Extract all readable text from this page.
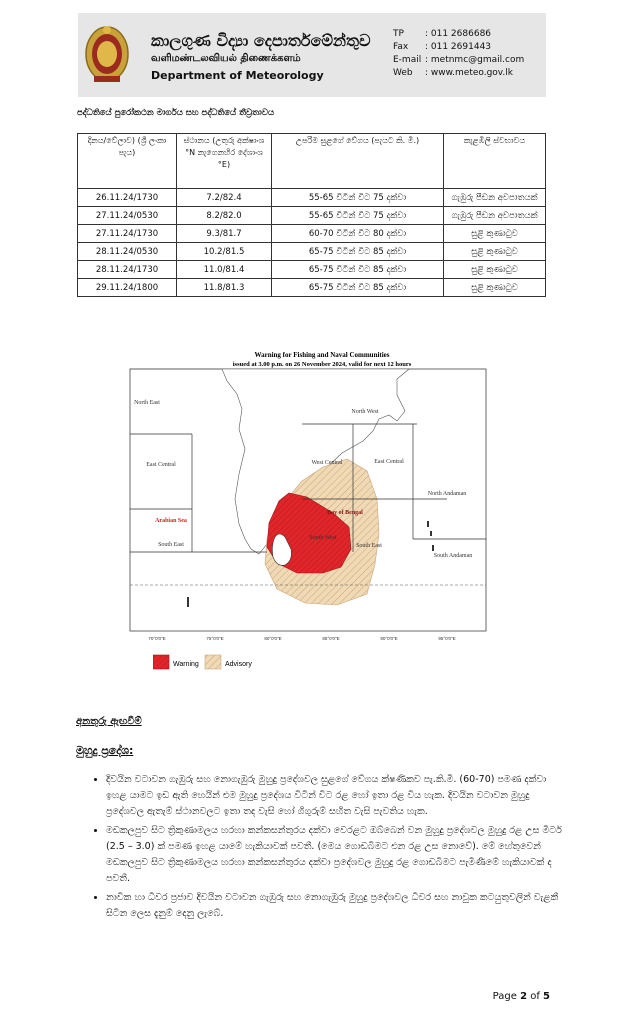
කාලගුණ විද්‍යා දෙපාර්තමේන්තුව
வளிமண்டலவியல் திணைக்களம்
Department of Meteorology
TP	: 011 2686686
Fax	: 011 2691443
E-mail : metnmc@gmail.com
Web	: www.meteo.gov.lk
පද්ධතියේ පුරෝකථන මාර්ගය සහ පද්ධතියේ තීව්‍රතාවය
දිනය/වේලාව) (ශ්‍රී ලංකා පැය)	ස්ථානය (උතුරු අක්ෂාංශ °N නැගෙනහිර දේශාංශ °E)	උපරිම සුළගේ වේගය (පැයට කි. මී.)	කැළඹිලි ස්වභාවය
26.11.24/1730	7.2/82.4	55-65 විටින් විට 75 දක්වා	ගැඹුරු පීඩන අවපාතයක්
27.11.24/0530	8.2/82.0	55-65 විටින් විට 75 දක්වා	ගැඹුරු පීඩන අවපාතයක්
27.11.24/1730	9.3/81.7	60-70 විටින් විට 80 දක්වා	සුළි කුණාටුව
28.11.24/0530	10.2/81.5	65-75 විටින් විට 85 දක්වා	සුළි කුණාටුව
28.11.24/1730	11.0/81.4	65-75 විටින් විට 85 දක්වා	සුළි කුණාටුව
29.11.24/1800	11.8/81.3	65-75 විටින් විට 85 දක්වා	සුළි කුණාටුව
Warning for Fishing and Naval Communities
issued at 3.00 p.m. on 26 November 2024, valid for next 12 hours
North East
East Central
Arabian Sea
South East
North West
West Central	East Central
Bay of Bengal
South West
South East
North Andaman
South Andaman
70°0'0"E	75°0'0"E	80°0'0"E	85°0'0"E	90°0'0"E	95°0'0"E
Warning	Advisory
අනතුරු ඇඟවීම්
මුහුදු ප්‍රදේශ:
• දිවයින වටාවන ගැඹුරු සහ නොගැඹුරු මුහුදු ප්‍රදේශවල සුළගේ වේගය ක්ෂණිකව පැ.කි.මී. (60-70) පමණ දක්වා ඉහළ යාමට ඉඩ ඇති හෙයින් එම මුහුදු ප්‍රදේශය විටින් විට රළ හෝ ඉතා රළ විය හැක. දිවයින වටාවන මුහුදු ප්‍රදේශවල ඇතැම් ස්ථානවලට ඉතා තද වැසි හෝ ගිගුරුම් සහිත වැසි පැවතිය හැක.
• මඩකලපුව සිට ත්‍රිකුණාමලය හරහා කන්කසන්තුරය දක්වා වෙරළට ඔබ්බෙන් වන මුහුදු ප්‍රදේශවල මුහුදු රළ උස මීටර් (2.5 – 3.0) ක් පමණ ඉහළ යාමේ හැකියාවක් පවතී. (මෙය ගොඩබිමට එන රළ උස නොවේ). මේ හේතුවෙන් මඩකලපුව සිට ත්‍රිකුණාමලය හරහා කන්කසන්තුරය දක්වා ප්‍රදේශවල මුහුදු රළ ගොඩබිමට පැමිණීමේ හැකියාවක් ද පවතී.
• නාවික හා ධීවර ප්‍රජාව දිවයින වටාවන ගැඹුරු සහ නොගැඹුරු මුහුදු ප්‍රදේශවල ධීවර සහ නාවුක කටයුතුවලින් වැළකී සිටින ලෙස දැනුම් දෙනු ලැබේ.
Page 2 of 5
